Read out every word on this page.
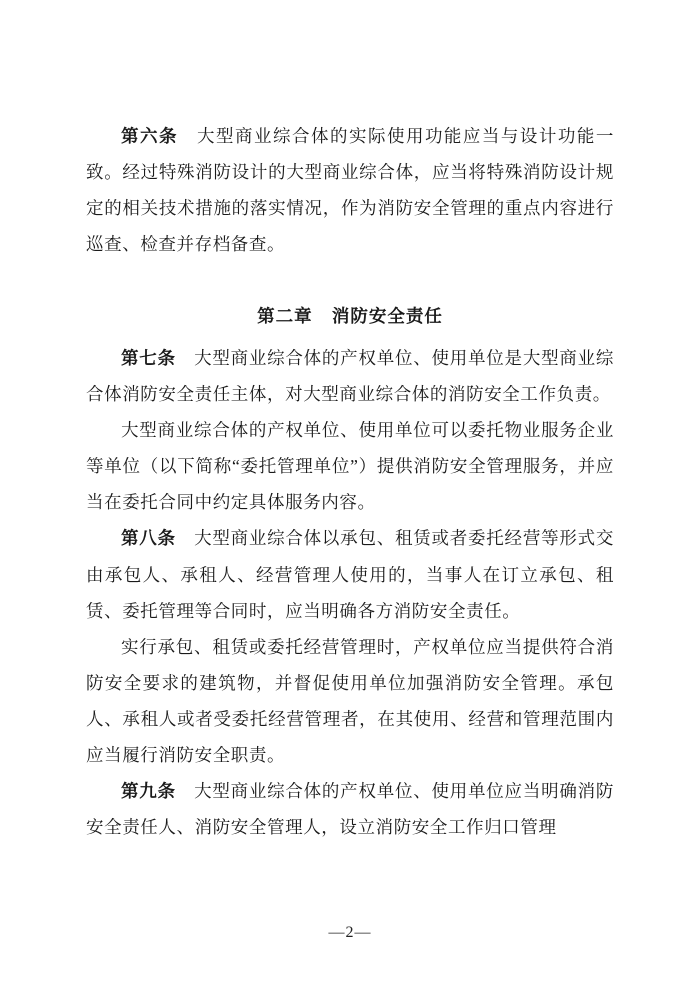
第六条 大型商业综合体的实际使用功能应当与设计功能一致。经过特殊消防设计的大型商业综合体，应当将特殊消防设计规定的相关技术措施的落实情况，作为消防安全管理的重点内容进行巡查、检查并存档备查。

第二章 消防安全责任

第七条 大型商业综合体的产权单位、使用单位是大型商业综合体消防安全责任主体，对大型商业综合体的消防安全工作负责。

大型商业综合体的产权单位、使用单位可以委托物业服务企业等单位（以下简称“委托管理单位”）提供消防安全管理服务，并应当在委托合同中约定具体服务内容。

第八条 大型商业综合体以承包、租赁或者委托经营等形式交由承包人、承租人、经营管理人使用的，当事人在订立承包、租赁、委托管理等合同时，应当明确各方消防安全责任。

实行承包、租赁或委托经营管理时，产权单位应当提供符合消防安全要求的建筑物，并督促使用单位加强消防安全管理。承包人、承租人或者受委托经营管理者，在其使用、经营和管理范围内应当履行消防安全职责。

第九条 大型商业综合体的产权单位、使用单位应当明确消防安全责任人、消防安全管理人，设立消防安全工作归口管理

—2—
